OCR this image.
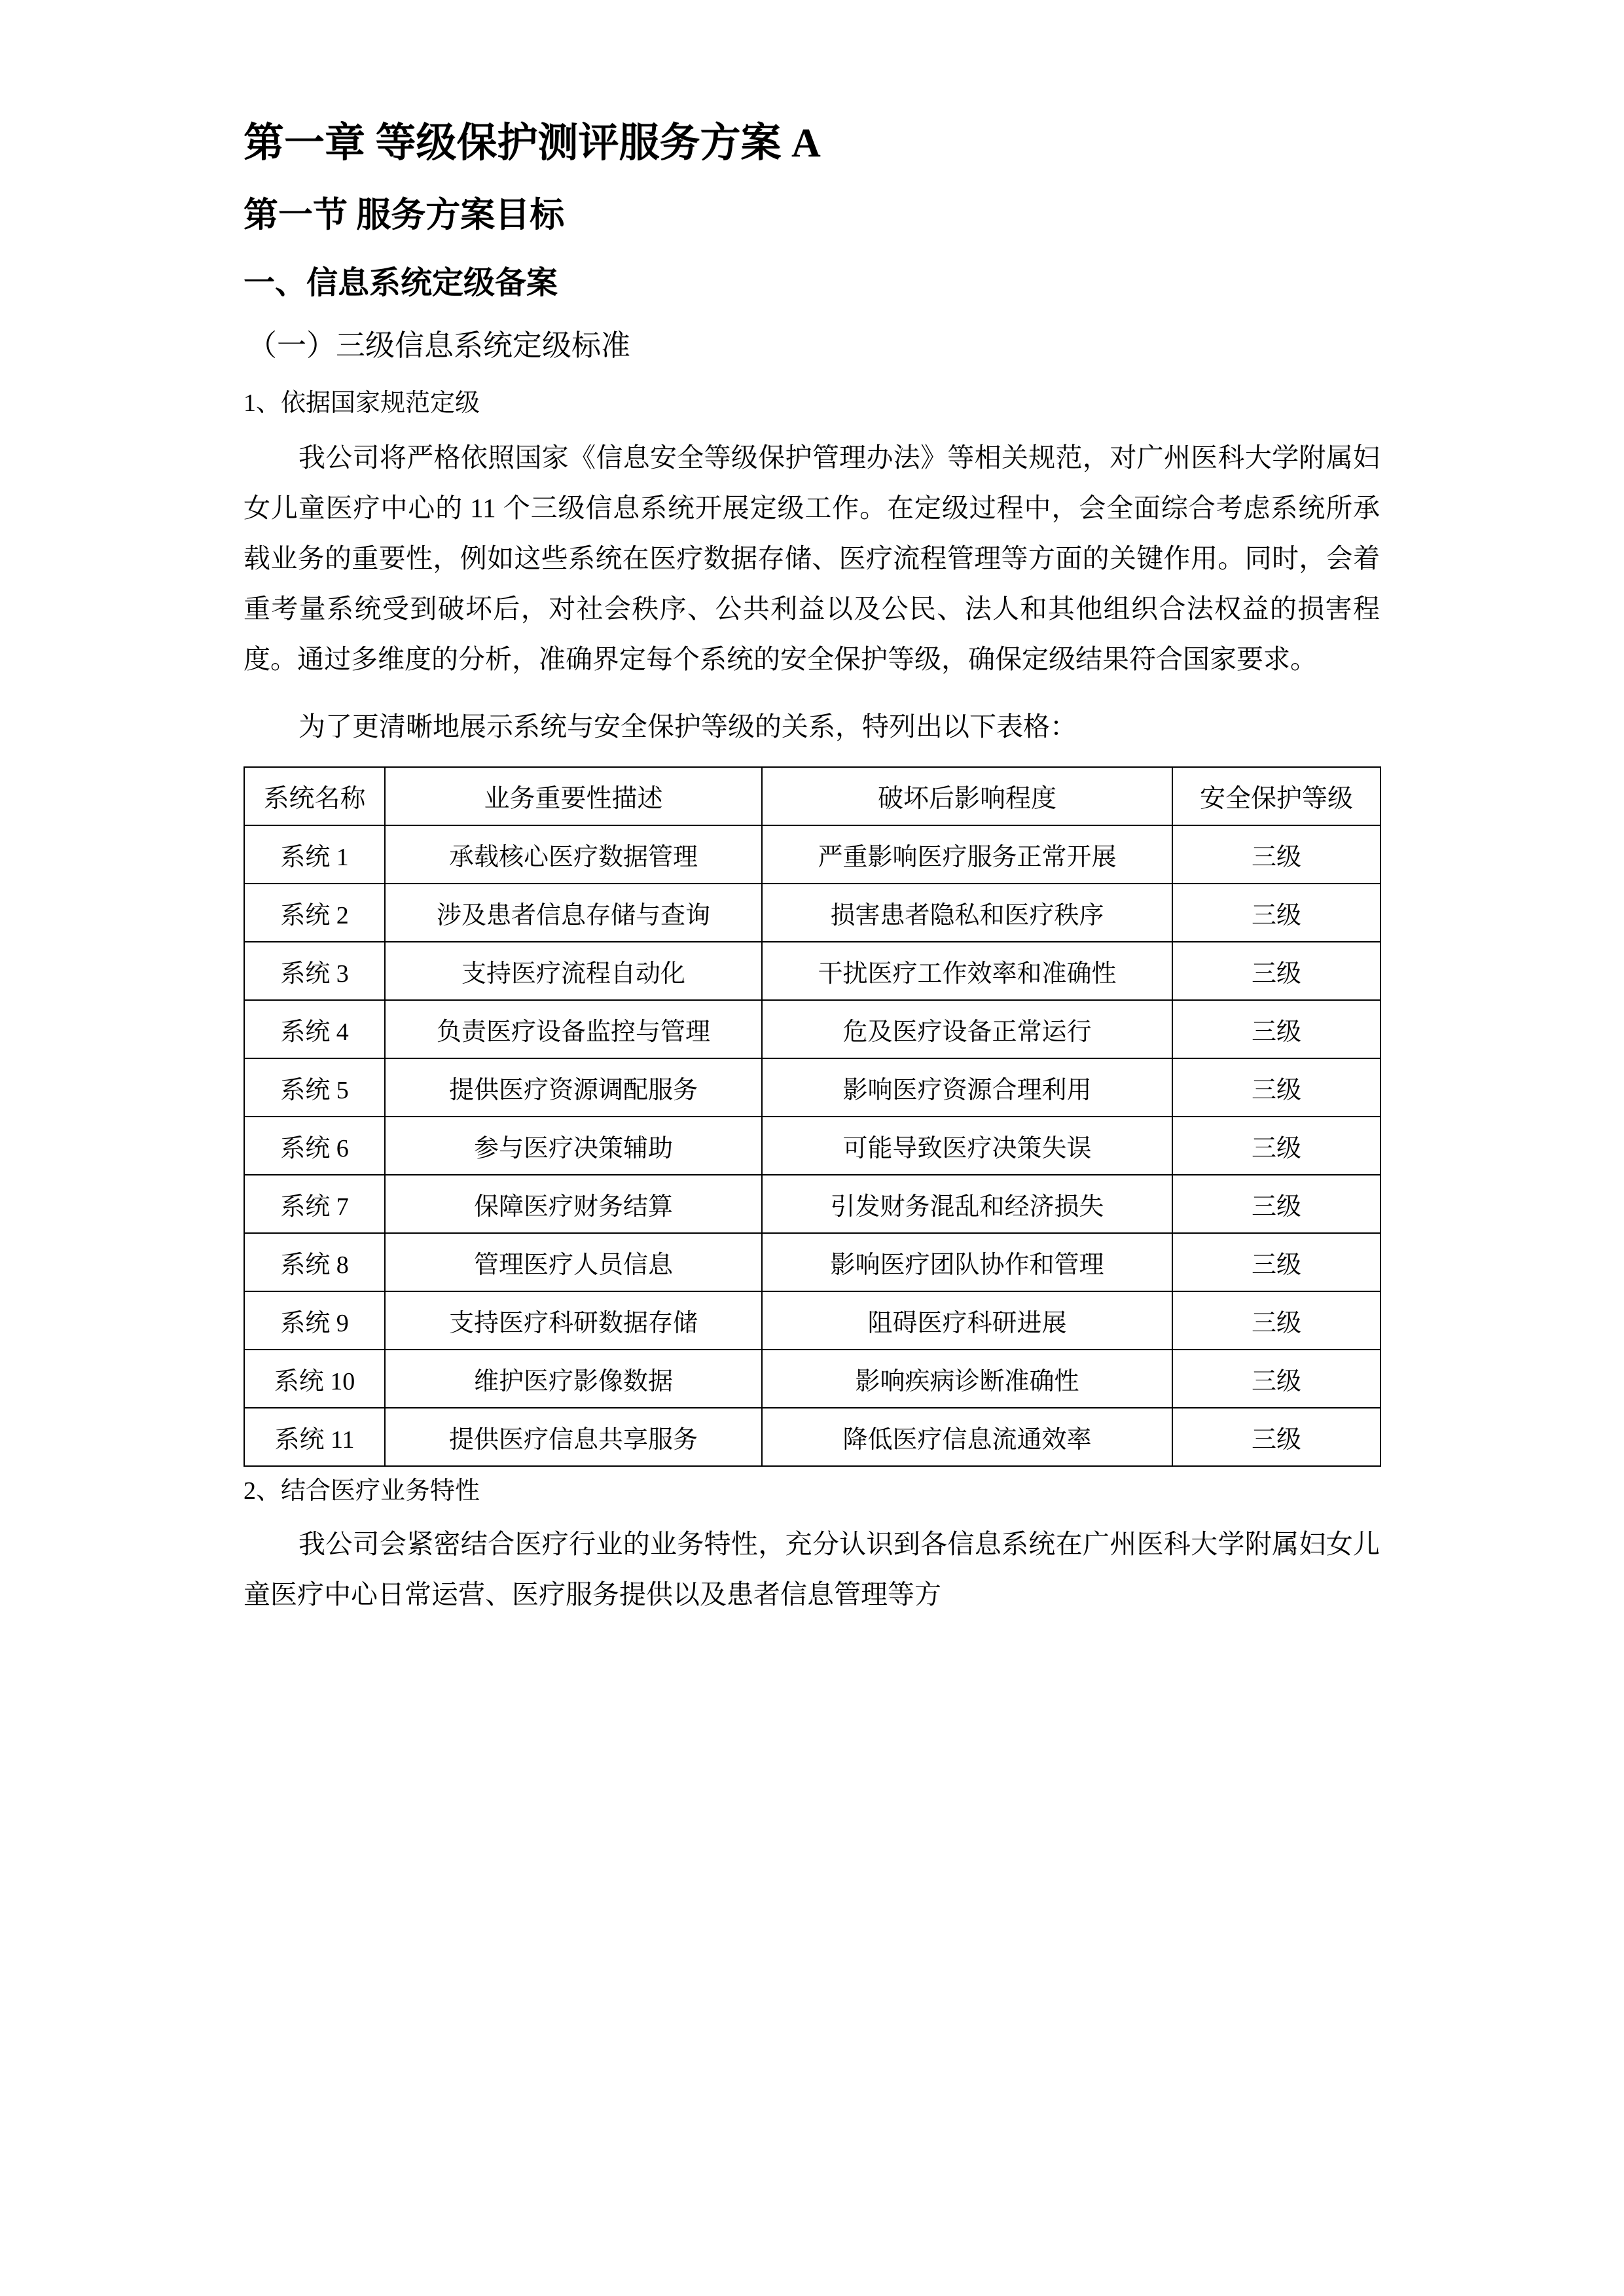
第一章 等级保护测评服务方案 A
第一节 服务方案目标
一、信息系统定级备案
（一）三级信息系统定级标准
1、依据国家规范定级
我公司将严格依照国家《信息安全等级保护管理办法》等相关规范，对广州医科大学附属妇女儿童医疗中心的 11 个三级信息系统开展定级工作。在定级过程中，会全面综合考虑系统所承载业务的重要性，例如这些系统在医疗数据存储、医疗流程管理等方面的关键作用。同时，会着重考量系统受到破坏后，对社会秩序、公共利益以及公民、法人和其他组织合法权益的损害程度。通过多维度的分析，准确界定每个系统的安全保护等级，确保定级结果符合国家要求。
为了更清晰地展示系统与安全保护等级的关系，特列出以下表格：
系统名称	业务重要性描述	破坏后影响程度	安全保护等级
系统 1	承载核心医疗数据管理	严重影响医疗服务正常开展	三级
系统 2	涉及患者信息存储与查询	损害患者隐私和医疗秩序	三级
系统 3	支持医疗流程自动化	干扰医疗工作效率和准确性	三级
系统 4	负责医疗设备监控与管理	危及医疗设备正常运行	三级
系统 5	提供医疗资源调配服务	影响医疗资源合理利用	三级
系统 6	参与医疗决策辅助	可能导致医疗决策失误	三级
系统 7	保障医疗财务结算	引发财务混乱和经济损失	三级
系统 8	管理医疗人员信息	影响医疗团队协作和管理	三级
系统 9	支持医疗科研数据存储	阻碍医疗科研进展	三级
系统 10	维护医疗影像数据	影响疾病诊断准确性	三级
系统 11	提供医疗信息共享服务	降低医疗信息流通效率	三级
2、结合医疗业务特性
我公司会紧密结合医疗行业的业务特性，充分认识到各信息系统在广州医科大学附属妇女儿童医疗中心日常运营、医疗服务提供以及患者信息管理等方
